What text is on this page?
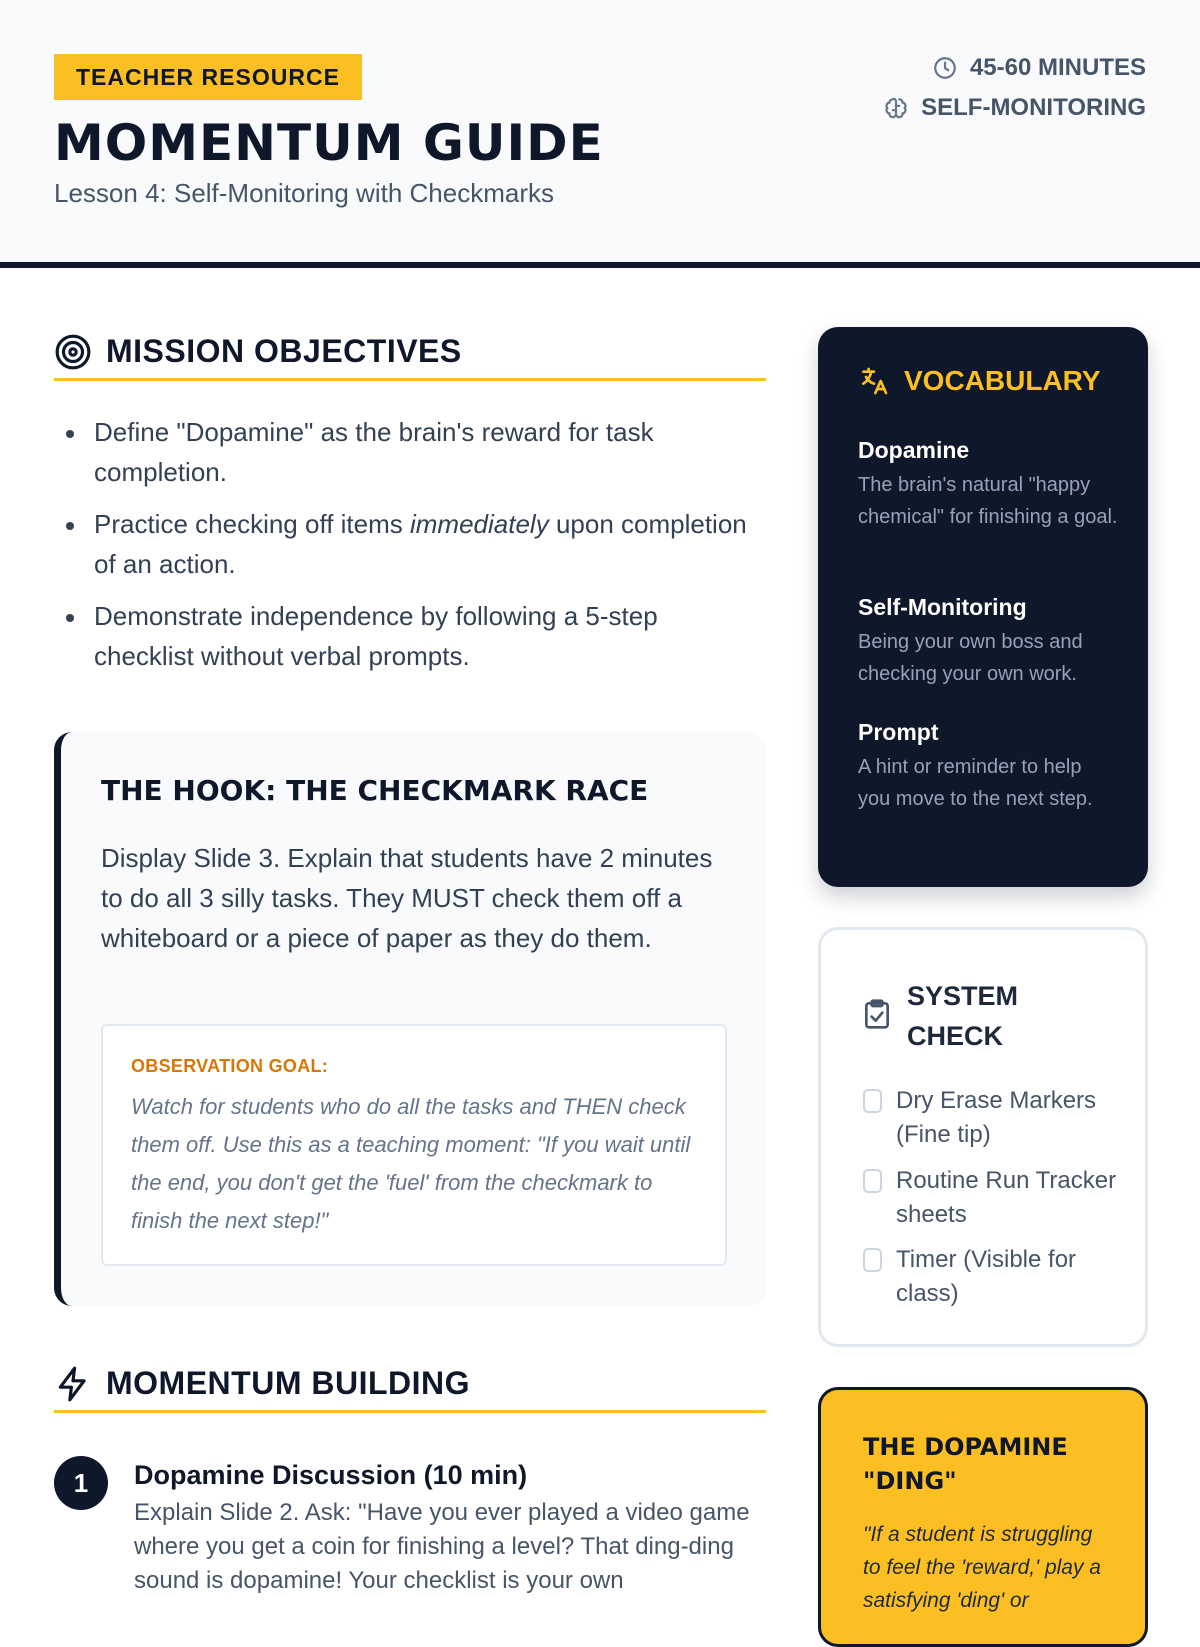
TEACHER RESOURCE
MOMENTUM GUIDE
Lesson 4: Self-Monitoring with Checkmarks
45-60 MINUTES
SELF-MONITORING
MISSION OBJECTIVES
Define "Dopamine" as the brain's reward for task completion.
Practice checking off items immediately upon completion of an action.
Demonstrate independence by following a 5-step checklist without verbal prompts.
THE HOOK: THE CHECKMARK RACE
Display Slide 3. Explain that students have 2 minutes to do all 3 silly tasks. They MUST check them off a whiteboard or a piece of paper as they do them.
OBSERVATION GOAL:
Watch for students who do all the tasks and THEN check them off. Use this as a teaching moment: "If you wait until the end, you don't get the 'fuel' from the checkmark to finish the next step!"
MOMENTUM BUILDING
1	Dopamine Discussion (10 min)
Explain Slide 2. Ask: "Have you ever played a video game where you get a coin for finishing a level? That ding-ding sound is dopamine! Your checklist is your own
VOCABULARY
Dopamine
The brain's natural "happy chemical" for finishing a goal.
Self-Monitoring
Being your own boss and checking your own work.
Prompt
A hint or reminder to help you move to the next step.
SYSTEM CHECK
Dry Erase Markers (Fine tip)
Routine Run Tracker sheets
Timer (Visible for class)
THE DOPAMINE "DING"
"If a student is struggling to feel the 'reward,' play a satisfying 'ding' or
